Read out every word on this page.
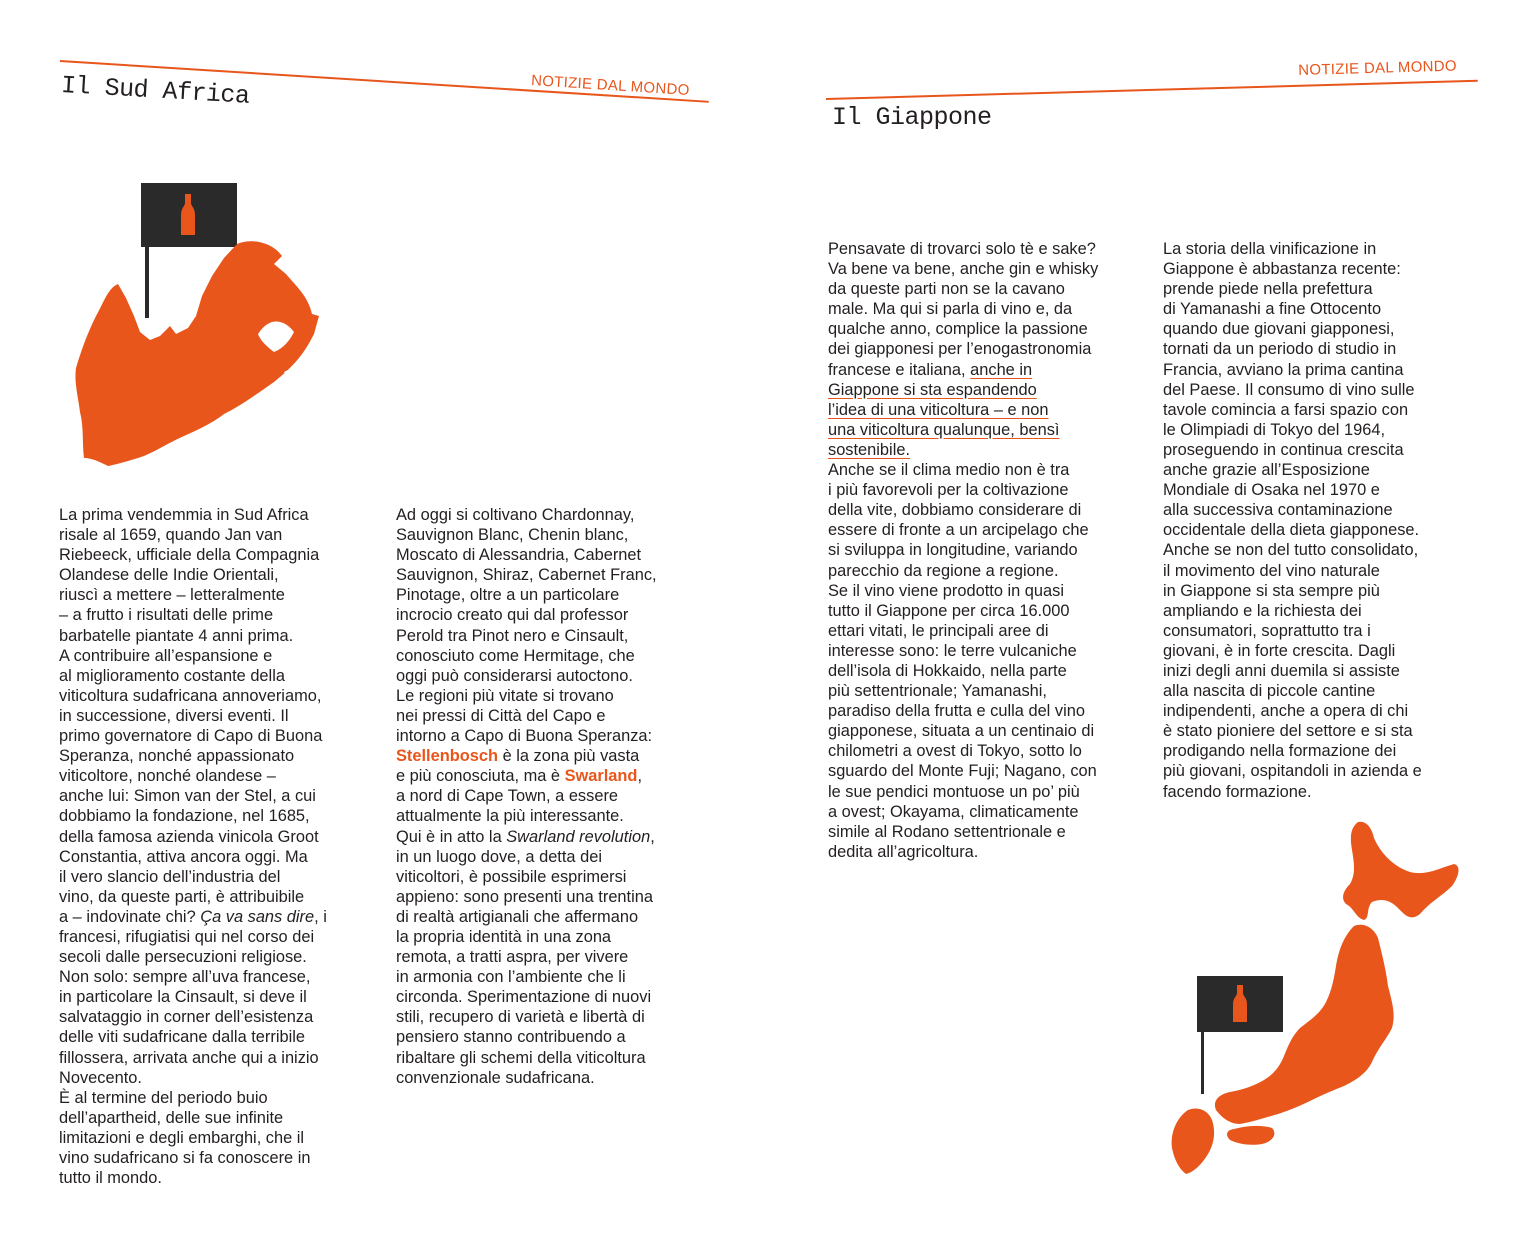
NOTIZIE DAL MONDO
Il Sud Africa

La prima vendemmia in Sud Africa

risale al 1659, quando Jan van

Riebeeck, ufficiale della Compagnia

Olandese delle Indie Orientali,

riuscì a mettere – letteralmente

– a frutto i risultati delle prime

barbatelle piantate 4 anni prima.

A contribuire all’espansione e

al miglioramento costante della

viticoltura sudafricana annoveriamo,

in successione, diversi eventi. Il

primo governatore di Capo di Buona

Speranza, nonché appassionato

viticoltore, nonché olandese –

anche lui: Simon van der Stel, a cui

dobbiamo la fondazione, nel 1685,

della famosa azienda vinicola Groot

Constantia, attiva ancora oggi. Ma

il vero slancio dell’industria del

vino, da queste parti, è attribuibile

a – indovinate chi? Ça va sans dire, i

francesi, rifugiatisi qui nel corso dei

secoli dalle persecuzioni religiose.

Non solo: sempre all’uva francese,

in particolare la Cinsault, si deve il

salvataggio in corner dell’esistenza

delle viti sudafricane dalla terribile

fillossera, arrivata anche qui a inizio

Novecento.

È al termine del periodo buio

dell’apartheid, delle sue infinite

limitazioni e degli embarghi, che il

vino sudafricano si fa conoscere in

tutto il mondo.

Ad oggi si coltivano Chardonnay,

Sauvignon Blanc, Chenin blanc,

Moscato di Alessandria, Cabernet

Sauvignon, Shiraz, Cabernet Franc,

Pinotage, oltre a un particolare

incrocio creato qui dal professor

Perold tra Pinot nero e Cinsault,

conosciuto come Hermitage, che

oggi può considerarsi autoctono.

Le regioni più vitate si trovano

nei pressi di Città del Capo e

intorno a Capo di Buona Speranza:

Stellenbosch è la zona più vasta

e più conosciuta, ma è Swarland,

a nord di Cape Town, a essere

attualmente la più interessante.

Qui è in atto la Swarland revolution,

in un luogo dove, a detta dei

viticoltori, è possibile esprimersi

appieno: sono presenti una trentina

di realtà artigianali che affermano

la propria identità in una zona

remota, a tratti aspra, per vivere

in armonia con l’ambiente che li

circonda. Sperimentazione di nuovi

stili, recupero di varietà e libertà di

pensiero stanno contribuendo a

ribaltare gli schemi della viticoltura

convenzionale sudafricana.

NOTIZIE DAL MONDO
Il Giappone

Pensavate di trovarci solo tè e sake?

Va bene va bene, anche gin e whisky

da queste parti non se la cavano

male. Ma qui si parla di vino e, da

qualche anno, complice la passione

dei giapponesi per l’enogastronomia

francese e italiana, anche in

Giappone si sta espandendo

l’idea di una viticoltura – e non

una viticoltura qualunque, bensì

sostenibile.

Anche se il clima medio non è tra

i più favorevoli per la coltivazione

della vite, dobbiamo considerare di

essere di fronte a un arcipelago che

si sviluppa in longitudine, variando

parecchio da regione a regione.

Se il vino viene prodotto in quasi

tutto il Giappone per circa 16.000

ettari vitati, le principali aree di

interesse sono: le terre vulcaniche

dell’isola di Hokkaido, nella parte

più settentrionale; Yamanashi,

paradiso della frutta e culla del vino

giapponese, situata a un centinaio di

chilometri a ovest di Tokyo, sotto lo

sguardo del Monte Fuji; Nagano, con

le sue pendici montuose un po’ più

a ovest; Okayama, climaticamente

simile al Rodano settentrionale e

dedita all’agricoltura.

La storia della vinificazione in

Giappone è abbastanza recente:

prende piede nella prefettura

di Yamanashi a fine Ottocento

quando due giovani giapponesi,

tornati da un periodo di studio in

Francia, avviano la prima cantina

del Paese. Il consumo di vino sulle

tavole comincia a farsi spazio con

le Olimpiadi di Tokyo del 1964,

proseguendo in continua crescita

anche grazie all’Esposizione

Mondiale di Osaka nel 1970 e

alla successiva contaminazione

occidentale della dieta giapponese.

Anche se non del tutto consolidato,

il movimento del vino naturale

in Giappone si sta sempre più

ampliando e la richiesta dei

consumatori, soprattutto tra i

giovani, è in forte crescita. Dagli

inizi degli anni duemila si assiste

alla nascita di piccole cantine

indipendenti, anche a opera di chi

è stato pioniere del settore e si sta

prodigando nella formazione dei

più giovani, ospitandoli in azienda e

facendo formazione.
